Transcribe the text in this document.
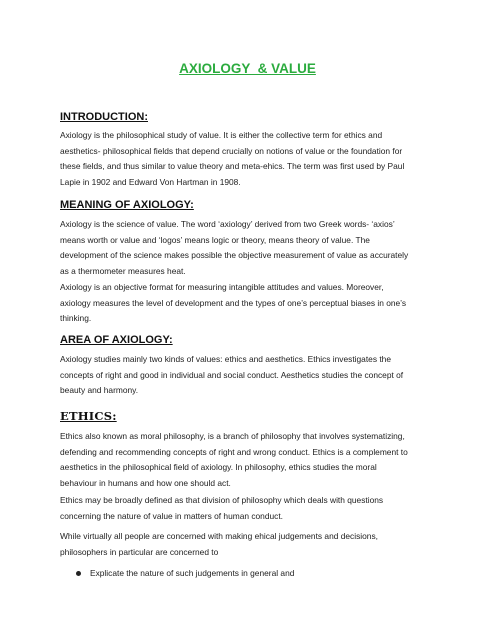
AXIOLOGY  & VALUE
INTRODUCTION:

Axiology is the philosophical study of value. It is either the collective term for ethics and
aesthetics- philosophical fields that depend crucially on notions of value or the foundation for
these fields, and thus similar to value theory and meta-ehics. The term was first used by Paul
Lapie in 1902 and Edward Von Hartman in 1908.

MEANING OF AXIOLOGY:

Axiology is the science of value. The word ‘axiology’ derived from two Greek words- ‘axios’
means worth or value and ‘logos’ means logic or theory, means theory of value. The
development of the science makes possible the objective measurement of value as accurately
as a thermometer measures heat.

Axiology is an objective format for measuring intangible attitudes and values. Moreover,
axiology measures the level of development and the types of one’s perceptual biases in one’s
thinking.

AREA OF AXIOLOGY:

Axiology studies mainly two kinds of values: ethics and aesthetics. Ethics investigates the
concepts of right and good in individual and social conduct. Aesthetics studies the concept of
beauty and harmony.

ETHICS:

Ethics also known as moral philosophy, is a branch of philosophy that involves systematizing,
defending and recommending concepts of right and wrong conduct. Ethics is a complement to
aesthetics in the philosophical field of axiology. In philosophy, ethics studies the moral
behaviour in humans and how one should act.

Ethics may be broadly defined as that division of philosophy which deals with questions
concerning the nature of value in matters of human conduct.

While virtually all people are concerned with making ehical judgements and decisions,
philosophers in particular are concerned to

Explicate the nature of such judgements in general and
